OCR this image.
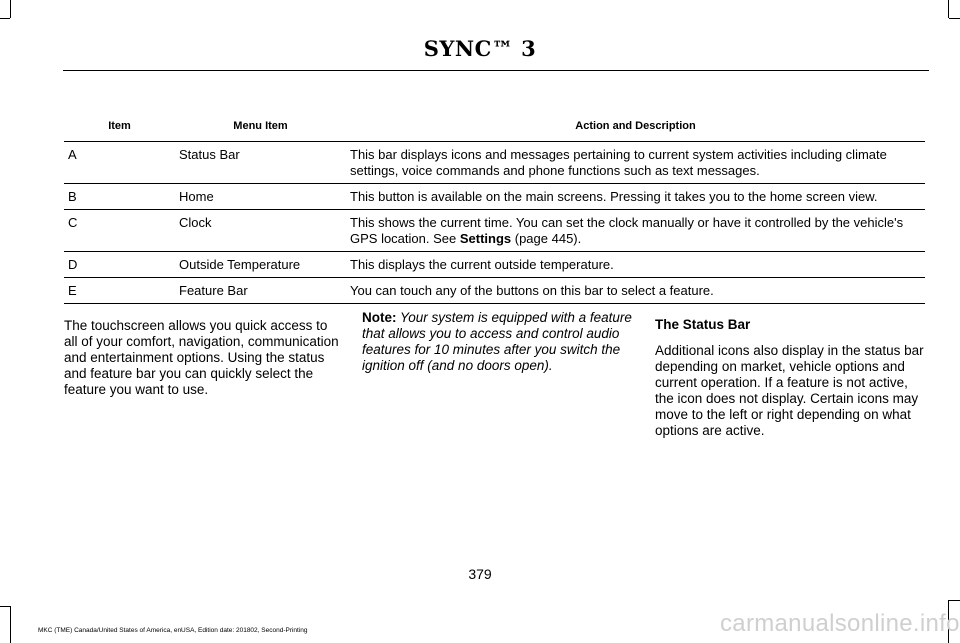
SYNC™ 3
Item	Menu Item	Action and Description
A	Status Bar	This bar displays icons and messages pertaining to current system activities including climate settings, voice commands and phone functions such as text messages.
B	Home	This button is available on the main screens. Pressing it takes you to the home screen view.
C	Clock	This shows the current time. You can set the clock manually or have it controlled by the vehicle's GPS location. See Settings (page 445).
D	Outside Temperature	This displays the current outside temperature.
E	Feature Bar	You can touch any of the buttons on this bar to select a feature.
The touchscreen allows you quick access to all of your comfort, navigation, communication and entertainment options. Using the status and feature bar you can quickly select the feature you want to use.
Note: Your system is equipped with a feature that allows you to access and control audio features for 10 minutes after you switch the ignition off (and no doors open).

The Status Bar

Additional icons also display in the status bar depending on market, vehicle options and current operation. If a feature is not active, the icon does not display. Certain icons may move to the left or right depending on what options are active.

379
MKC (TME) Canada/United States of America, enUSA, Edition date: 201802, Second-Printing	carmanualsonline.info
